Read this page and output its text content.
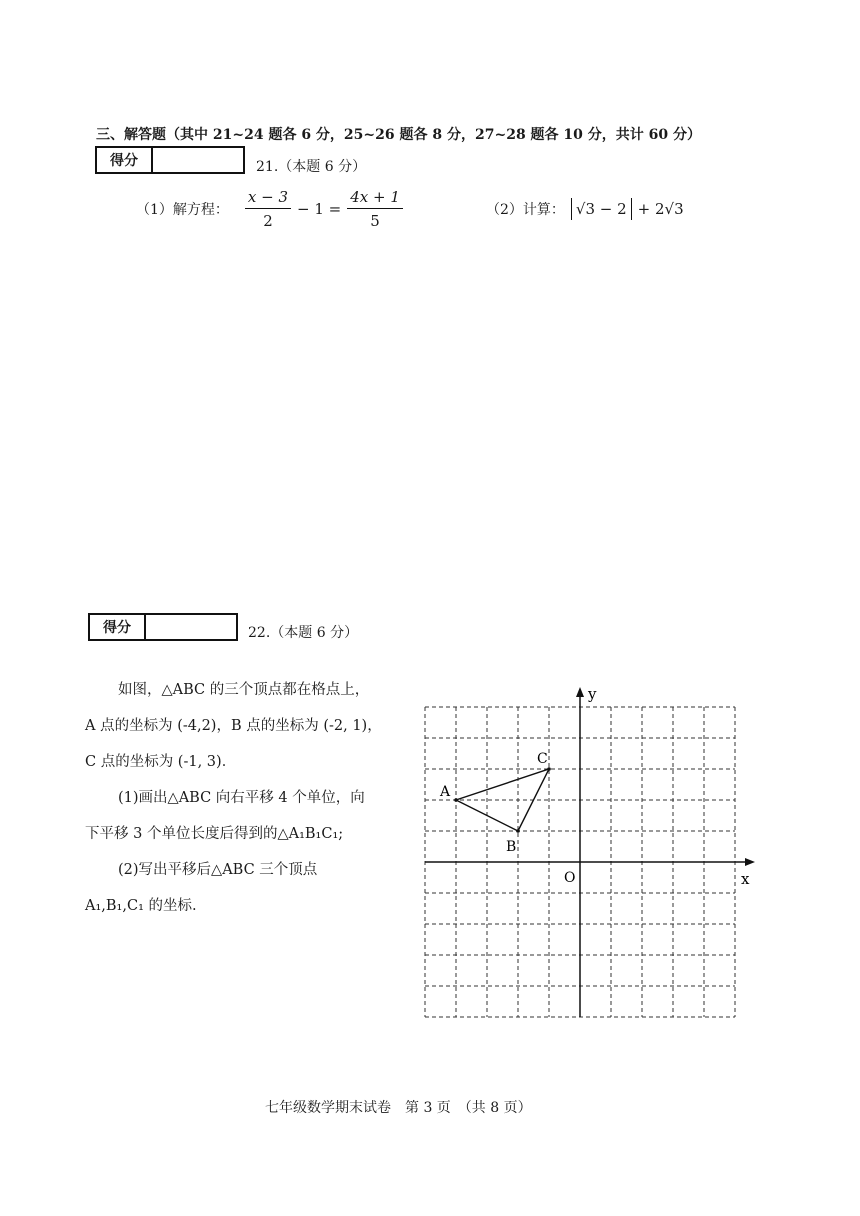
三、解答题（其中 21~24 题各 6 分，25~26 题各 8 分，27~28 题各 10 分，共计 60 分）
得分	21.（本题 6 分）
（1）解方程： $\frac{x - 3}{2} - 1 = \frac{4x + 1}{5}$	（2）计算： √3 − 2 + 2√3
得分	22.（本题 6 分）
如图，△ABC 的三个顶点都在格点上，
A 点的坐标为 (-4,2)，B 点的坐标为 (-2, 1)，
C 点的坐标为 (-1, 3)．
(1)画出△ABC 向右平移 4 个单位，向
下平移 3 个单位长度后得到的△A₁B₁C₁;
(2)写出平移后△ABC 三个顶点
A₁,B₁,C₁ 的坐标.
x
y
O
A
B
C
七年级数学期末试卷　第 3 页　（共 8 页）
